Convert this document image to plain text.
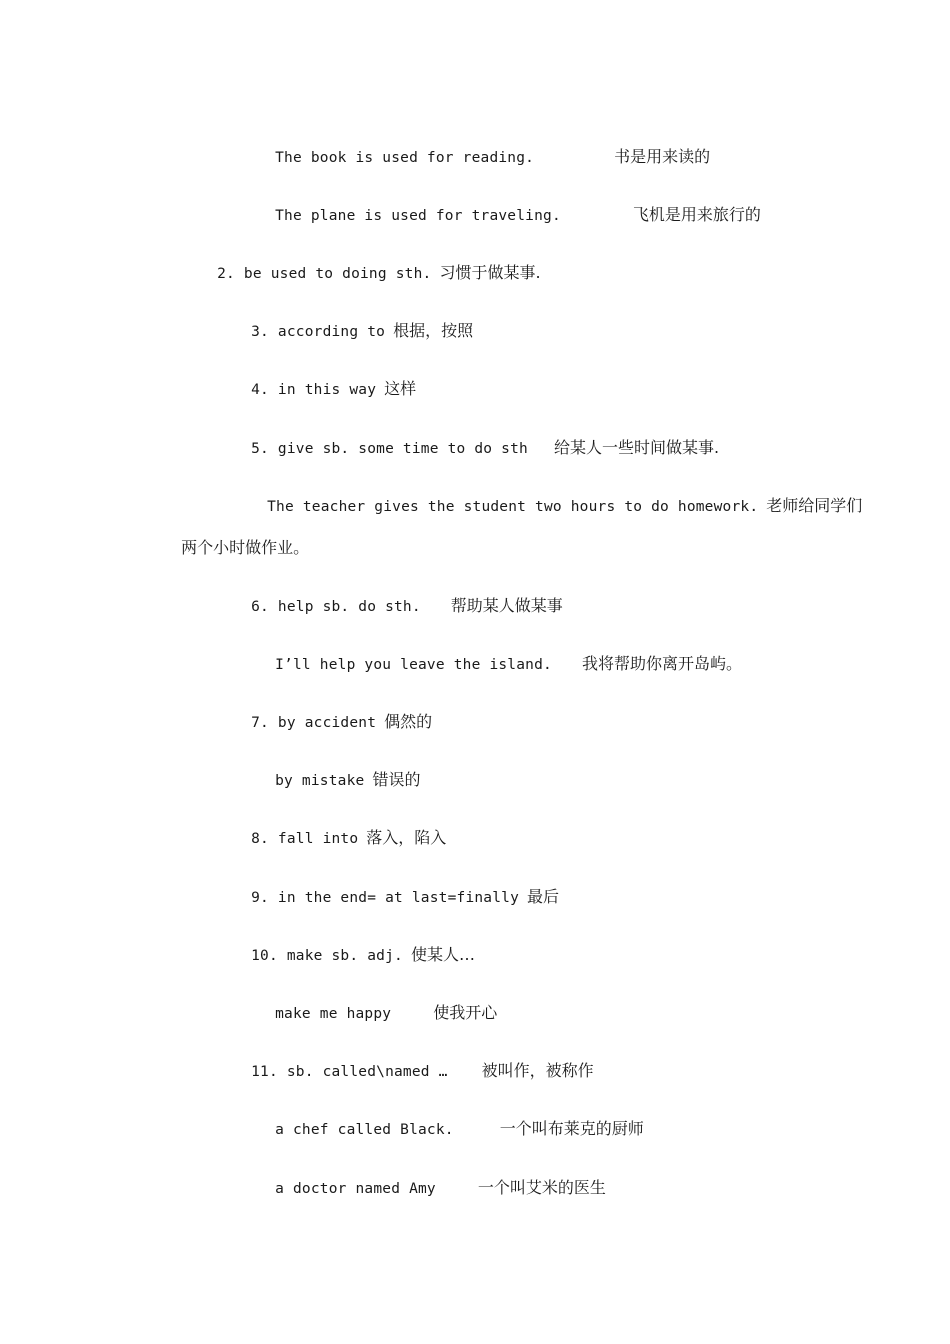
The book is used for reading.	书是用来读的

The plane is used for traveling.	飞机是用来旅行的

2. be used to doing sth. 习惯于做某事.

3. according to 根据，按照

4. in this way 这样

5. give sb. some time to do sth 给某人一些时间做某事.

The teacher gives the student two hours to do homework. 老师给同学们

两个小时做作业。

6. help sb. do sth. 帮助某人做某事

I’ll help you leave the island. 我将帮助你离开岛屿。

7. by accident 偶然的

by mistake 错误的

8. fall into 落入，陷入

9. in the end= at last=finally 最后

10. make sb. adj. 使某人…

make me happy	使我开心

11. sb. called\named … 被叫作，被称作

a chef called Black.	一个叫布莱克的厨师

a doctor named Amy	一个叫艾米的医生
